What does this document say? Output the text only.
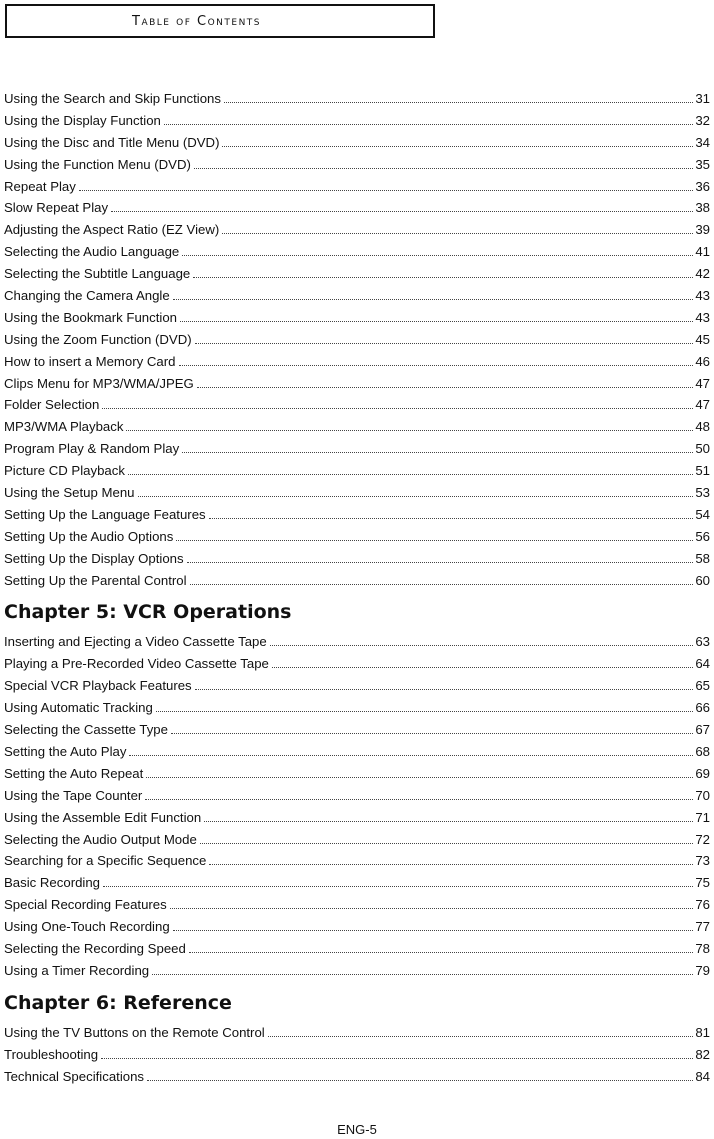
Table of Contents
Using the Search and Skip Functions	31
Using the Display Function	32
Using the Disc and Title Menu (DVD)	34
Using the Function Menu (DVD)	35
Repeat Play	36
Slow Repeat Play	38
Adjusting the Aspect Ratio (EZ View)	39
Selecting the Audio Language	41
Selecting the Subtitle Language	42
Changing the Camera Angle	43
Using the Bookmark Function	43
Using the Zoom Function (DVD)	45
How to insert a Memory Card	46
Clips Menu for MP3/WMA/JPEG	47
Folder Selection	47
MP3/WMA Playback	48
Program Play & Random Play	50
Picture CD Playback	51
Using the Setup Menu	53
Setting Up the Language Features	54
Setting Up the Audio Options	56
Setting Up the Display Options	58
Setting Up the Parental Control	60
Chapter 5: VCR Operations
Inserting and Ejecting a Video Cassette Tape	63
Playing a Pre-Recorded Video Cassette Tape	64
Special VCR Playback Features	65
Using Automatic Tracking	66
Selecting the Cassette Type	67
Setting the Auto Play	68
Setting the Auto Repeat	69
Using the Tape Counter	70
Using the Assemble Edit Function	71
Selecting the Audio Output Mode	72
Searching for a Specific Sequence	73
Basic Recording	75
Special Recording Features	76
Using One-Touch Recording	77
Selecting the Recording Speed	78
Using a Timer Recording	79
Chapter 6: Reference
Using the TV Buttons on the Remote Control	81
Troubleshooting	82
Technical Specifications	84
ENG-5
